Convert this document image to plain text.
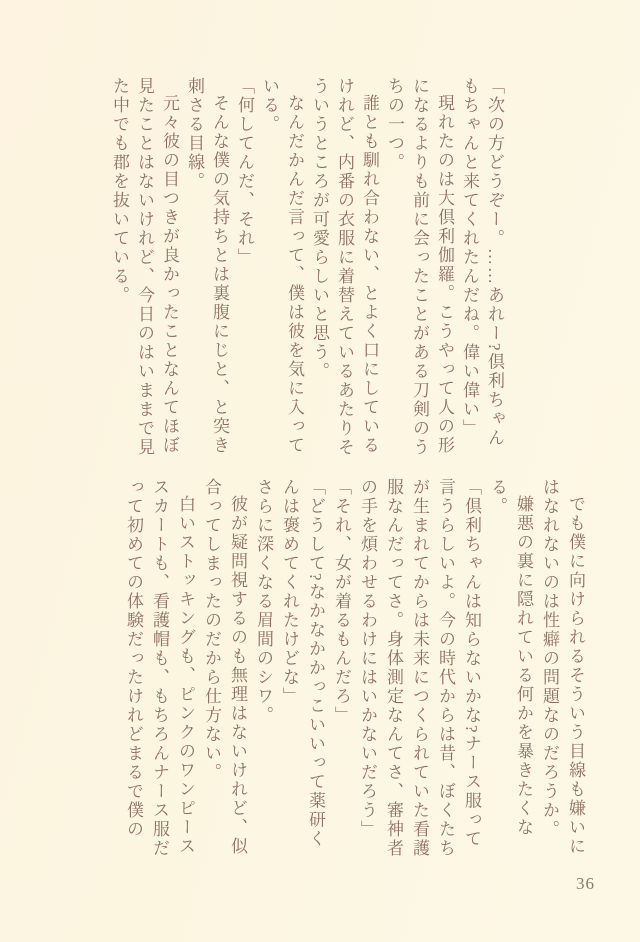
「次の方どうぞー。……あれー?倶利ちゃんもちゃんと来てくれたんだね。偉い偉い」

現れたのは大倶利伽羅。こうやって人の形になるよりも前に会ったことがある刀剣のうちの一つ。

誰とも馴れ合わない、とよく口にしているけれど、内番の衣服に着替えているあたりそういうところが可愛らしいと思う。

なんだかんだ言って、僕は彼を気に入っている。

「何してんだ、それ」

そんな僕の気持ちとは裏腹にじと、と突き刺さる目線。

元々彼の目つきが良かったことなんてほぼ見たことはないけれど、今日のはいままで見た中でも郡を抜いている。

でも僕に向けられるそういう目線も嫌いにはなれないのは性癖の問題なのだろうか。

嫌悪の裏に隠れている何かを暴きたくなる。

「倶利ちゃんは知らないかな?ナース服って言うらしいよ。今の時代からは昔、ぼくたちが生まれてからは未来につくられていた看護服なんだってさ。身体測定なんてさ、審神者の手を煩わせるわけにはいかないだろう」

「それ、女が着るもんだろ」

「どうして?なかなかかっこいいって薬研くんは褒めてくれたけどな」

さらに深くなる眉間のシワ。

彼が疑問視するのも無理はないけれど、似合ってしまったのだから仕方ない。

白いストッキングも、ピンクのワンピーススカートも、看護帽も、もちろんナース服だって初めての体験だったけれどまるで僕の

36
